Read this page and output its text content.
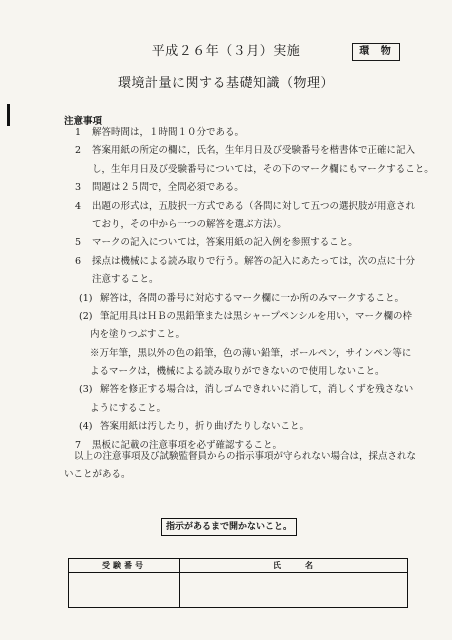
平成２６年（３月）実施	環 物
環境計量に関する基礎知識（物理）
注意事項
1 解答時間は，１時間１０分である。
2 答案用紙の所定の欄に，氏名，生年月日及び受験番号を楷書体で正確に記入
し，生年月日及び受験番号については，その下のマーク欄にもマークすること。
3 問題は２５問で，全問必須である。
4 出題の形式は，五肢択一方式である（各問に対して五つの選択肢が用意され
ており，その中から一つの解答を選ぶ方法）。
5 マークの記入については，答案用紙の記入例を参照すること。
6 採点は機械による読み取りで行う。解答の記入にあたっては，次の点に十分
注意すること。
(1) 解答は，各問の番号に対応するマーク欄に一か所のみマークすること。
(2) 筆記用具はＨＢの黒鉛筆または黒シャープペンシルを用い，マーク欄の枠
内を塗りつぶすこと。
※万年筆，黒以外の色の鉛筆，色の薄い鉛筆，ボールペン，サインペン等に
よるマークは，機械による読み取りができないので使用しないこと。
(3) 解答を修正する場合は，消しゴムできれいに消して，消しくずを残さない
ようにすること。
(4) 答案用紙は汚したり，折り曲げたりしないこと。
7 黒板に記載の注意事項を必ず確認すること。
以上の注意事項及び試験監督員からの指示事項が守られない場合は，採点されな
いことがある。
指示があるまで開かないこと。
受験番号	氏名
